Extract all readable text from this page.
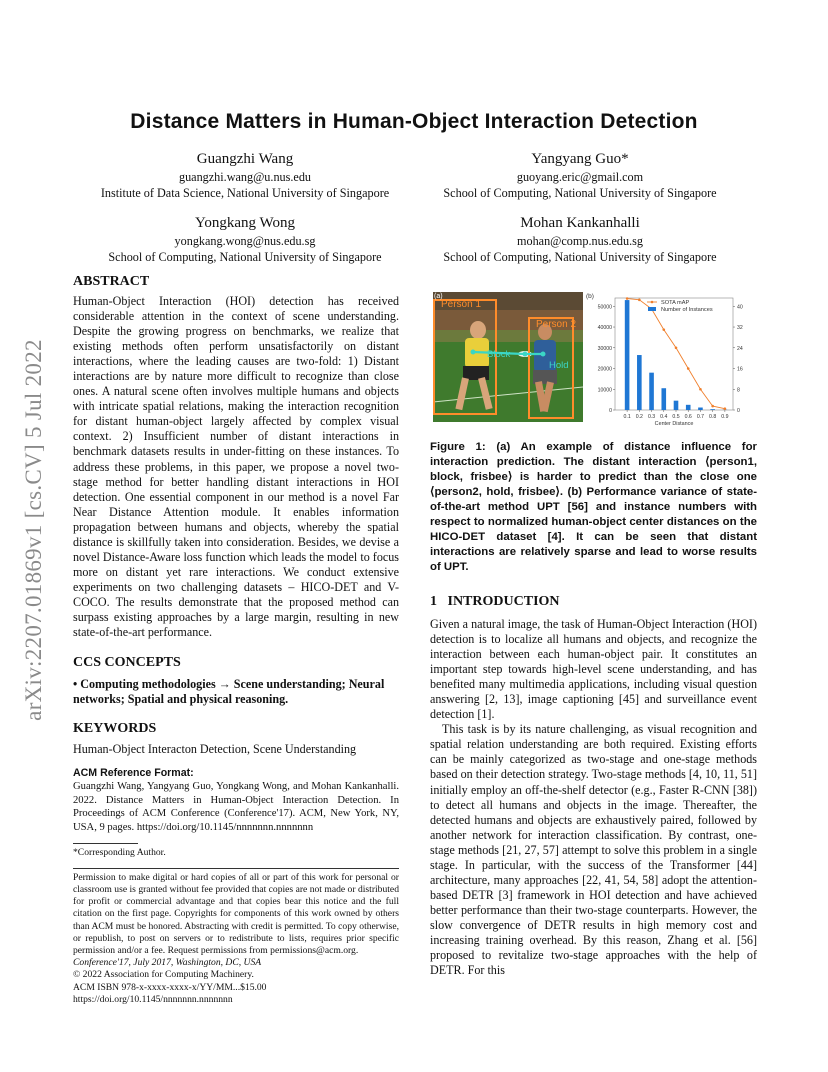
arXiv:2207.01869v1 [cs.CV] 5 Jul 2022
Distance Matters in Human-Object Interaction Detection
Guangzhi Wang
guangzhi.wang@u.nus.edu
Institute of Data Science, National University of Singapore
Yangyang Guo*
guoyang.eric@gmail.com
School of Computing, National University of Singapore
Yongkang Wong
yongkang.wong@nus.edu.sg
School of Computing, National University of Singapore
Mohan Kankanhalli
mohan@comp.nus.edu.sg
School of Computing, National University of Singapore
ABSTRACT

Human-Object Interaction (HOI) detection has received considerable attention in the context of scene understanding. Despite the growing progress on benchmarks, we realize that existing methods often perform unsatisfactorily on distant interactions, where the leading causes are two-fold: 1) Distant interactions are by nature more difficult to recognize than close ones. A natural scene often involves multiple humans and objects with intricate spatial relations, making the interaction recognition for distant human-object largely affected by complex visual context. 2) Insufficient number of distant interactions in benchmark datasets results in under-fitting on these instances. To address these problems, in this paper, we propose a novel two-stage method for better handling distant interactions in HOI detection. One essential component in our method is a novel Far Near Distance Attention module. It enables information propagation between humans and objects, whereby the spatial distance is skillfully taken into consideration. Besides, we devise a novel Distance-Aware loss function which leads the model to focus more on distant yet rare interactions. We conduct extensive experiments on two challenging datasets – HICO-DET and V-COCO. The results demonstrate that the proposed method can surpass existing approaches by a large margin, resulting in new state-of-the-art performance.

CCS CONCEPTS

• Computing methodologies → Scene understanding; Neural networks; Spatial and physical reasoning.

KEYWORDS

Human-Object Interacton Detection, Scene Understanding

ACM Reference Format:

Guangzhi Wang, Yangyang Guo, Yongkang Wong, and Mohan Kankanhalli. 2022. Distance Matters in Human-Object Interaction Detection. In Proceedings of ACM Conference (Conference'17). ACM, New York, NY, USA, 9 pages. https://doi.org/10.1145/nnnnnnn.nnnnnnn

*Corresponding Author.

Permission to make digital or hard copies of all or part of this work for personal or classroom use is granted without fee provided that copies are not made or distributed for profit or commercial advantage and that copies bear this notice and the full citation on the first page. Copyrights for components of this work owned by others than ACM must be honored. Abstracting with credit is permitted. To copy otherwise, or republish, to post on servers or to redistribute to lists, requires prior specific permission and/or a fee. Request permissions from permissions@acm.org.

Conference'17, July 2017, Washington, DC, USA

© 2022 Association for Computing Machinery.

ACM ISBN 978-x-xxxx-xxxx-x/YY/MM...$15.00

https://doi.org/10.1145/nnnnnnn.nnnnnnn

(a)
Person 1
Person 2
Block
Hold
(b)
0
10000
20000
30000
40000
50000
0
8
16
24
32
40
0.1 0.2 0.3 0.4 0.5 0.6 0.7 0.8 0.9
Center Distance
SOTA mAP
Number of Instances
Figure 1: (a) An example of distance influence for interaction prediction. The distant interaction ⟨person1, block, frisbee⟩ is harder to predict than the close one ⟨person2, hold, frisbee⟩. (b) Performance variance of state-of-the-art method UPT [56] and instance numbers with respect to normalized human-object center distances on the HICO-DET dataset [4]. It can be seen that distant interactions are relatively sparse and lead to worse results of UPT.
1 INTRODUCTION

Given a natural image, the task of Human-Object Interaction (HOI) detection is to localize all humans and objects, and recognize the interaction between each human-object pair. It constitutes an important step towards high-level scene understanding, and has benefited many multimedia applications, including visual question answering [2, 13], image captioning [45] and surveillance event detection [1].

This task is by its nature challenging, as visual recognition and spatial relation understanding are both required. Existing efforts can be mainly categorized as two-stage and one-stage methods based on their detection strategy. Two-stage methods [4, 10, 11, 51] initially employ an off-the-shelf detector (e.g., Faster R-CNN [38]) to detect all humans and objects in the image. Thereafter, the detected humans and objects are exhaustively paired, followed by another network for interaction classification. By contrast, one-stage methods [21, 27, 57] attempt to solve this problem in a single stage. In particular, with the success of the Transformer [44] architecture, many approaches [22, 41, 54, 58] adopt the attention-based DETR [3] framework in HOI detection and have achieved better performance than their two-stage counterparts. However, the slow convergence of DETR results in high memory cost and increasing training overhead. By this reason, Zhang et al. [56] proposed to revitalize two-stage approaches with the help of DETR. For this
